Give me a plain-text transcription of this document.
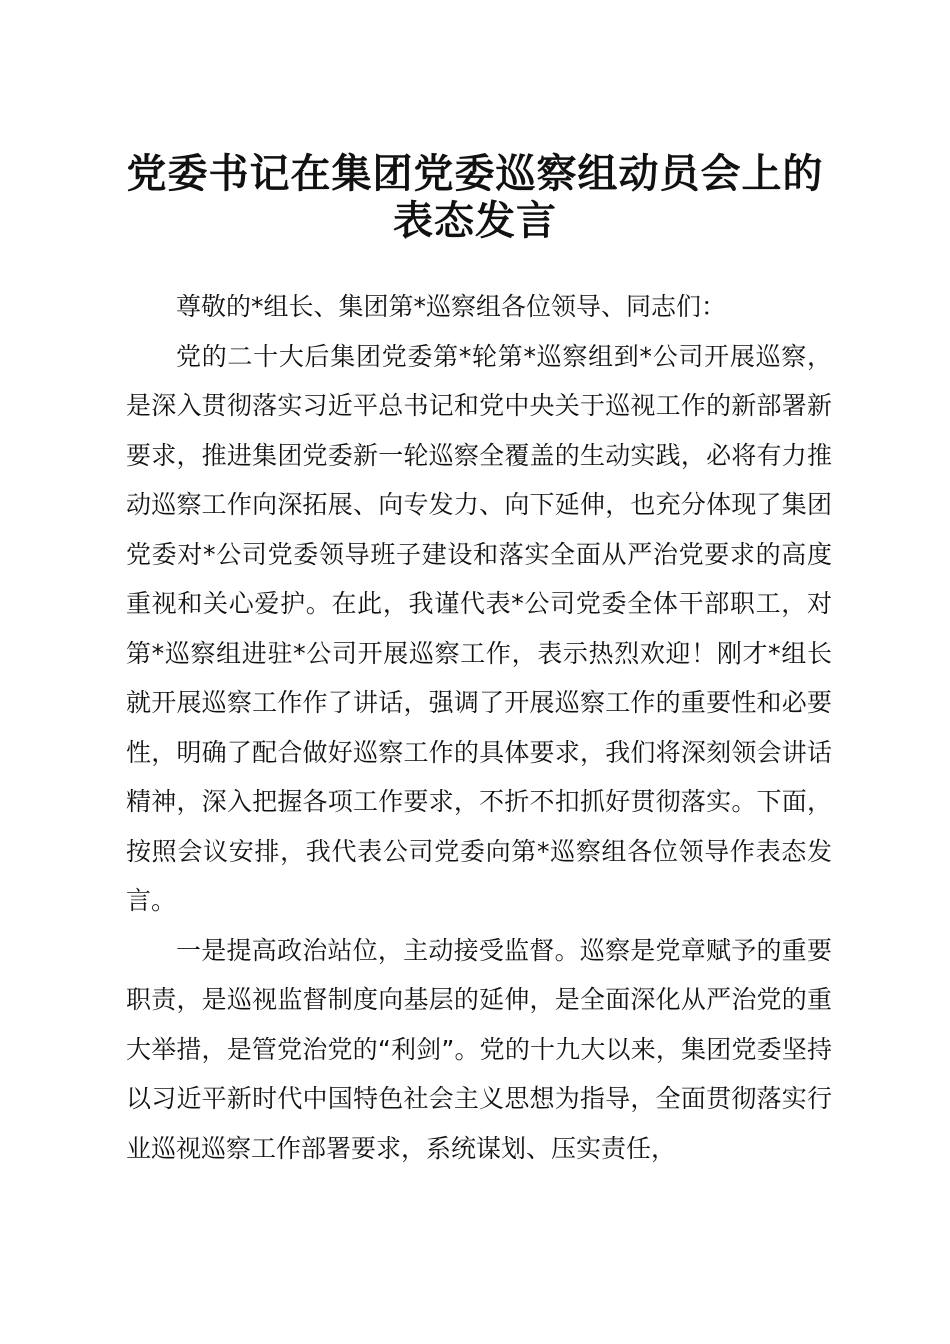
党委书记在集团党委巡察组动员会上的
表态发言

尊敬的*组长、集团第*巡察组各位领导、同志们：

党的二十大后集团党委第*轮第*巡察组到*公司开展巡察，是深入贯彻落实习近平总书记和党中央关于巡视工作的新部署新要求，推进集团党委新一轮巡察全覆盖的生动实践，必将有力推动巡察工作向深拓展、向专发力、向下延伸，也充分体现了集团党委对*公司党委领导班子建设和落实全面从严治党要求的高度重视和关心爱护。在此，我谨代表*公司党委全体干部职工，对第*巡察组进驻*公司开展巡察工作，表示热烈欢迎！刚才*组长就开展巡察工作作了讲话，强调了开展巡察工作的重要性和必要性，明确了配合做好巡察工作的具体要求，我们将深刻领会讲话精神，深入把握各项工作要求，不折不扣抓好贯彻落实。下面，按照会议安排，我代表公司党委向第*巡察组各位领导作表态发言。

一是提高政治站位，主动接受监督。巡察是党章赋予的重要职责，是巡视监督制度向基层的延伸，是全面深化从严治党的重大举措，是管党治党的“利剑”。党的十九大以来，集团党委坚持以习近平新时代中国特色社会主义思想为指导，全面贯彻落实行业巡视巡察工作部署要求，系统谋划、压实责任，
